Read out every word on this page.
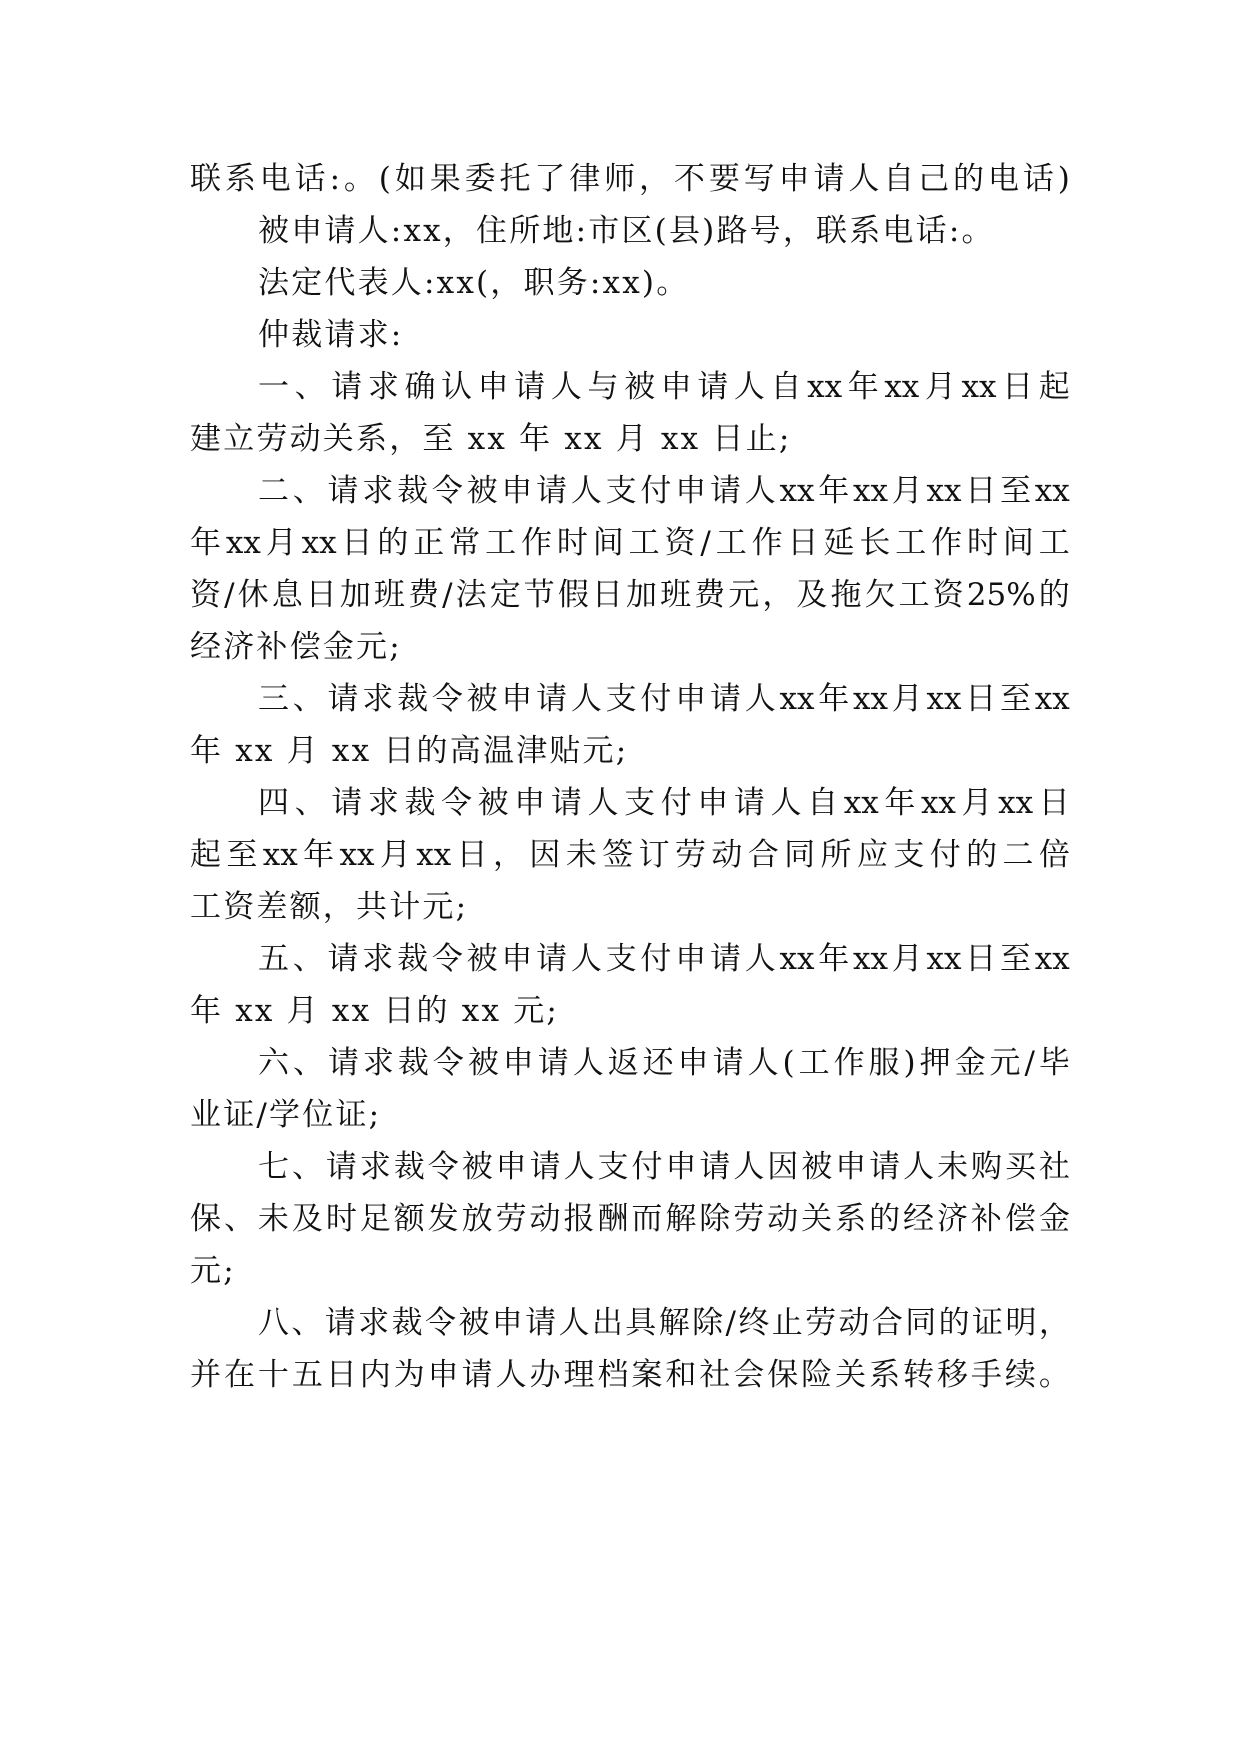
联 系 电 话 : 。 ( 如 果 委 托 了 律 师 ， 不 要 写 申 请 人 自 己 的 电 话 )
被申请人:xx，住所地:市区(县)路号，联系电话:。
法定代表人:xx(，职务:xx)。
仲裁请求:
一 、 请 求 确 认 申 请 人 与 被 申 请 人 自 xx 年 xx 月 xx 日 起
建立劳动关系，至 xx 年 xx 月 xx 日止;
二 、 请 求 裁 令 被 申 请 人 支 付 申 请 人 xx 年 xx 月 xx 日 至 xx
年 xx 月 xx 日 的 正 常 工 作 时 间 工 资 / 工 作 日 延 长 工 作 时 间 工
资 / 休 息 日 加 班 费 / 法 定 节 假 日 加 班 费 元 ， 及 拖 欠 工 资 25% 的
经济补偿金元;
三 、 请 求 裁 令 被 申 请 人 支 付 申 请 人 xx 年 xx 月 xx 日 至 xx
年 xx 月 xx 日的高温津贴元;
四 、 请 求 裁 令 被 申 请 人 支 付 申 请 人 自 xx 年 xx 月 xx 日
起 至 xx 年 xx 月 xx 日 ， 因 未 签 订 劳 动 合 同 所 应 支 付 的 二 倍
工资差额，共计元;
五 、 请 求 裁 令 被 申 请 人 支 付 申 请 人 xx 年 xx 月 xx 日 至 xx
年 xx 月 xx 日的 xx 元;
六 、 请 求 裁 令 被 申 请 人 返 还 申 请 人 ( 工 作 服 ) 押 金 元 / 毕
业证/学位证;
七 、 请 求 裁 令 被 申 请 人 支 付 申 请 人 因 被 申 请 人 未 购 买 社
保 、 未 及 时 足 额 发 放 劳 动 报 酬 而 解 除 劳 动 关 系 的 经 济 补 偿 金
元;
八 、 请 求 裁 令 被 申 请 人 出 具 解 除 / 终 止 劳 动 合 同 的 证 明 ，
并 在 十 五 日 内 为 申 请 人 办 理 档 案 和 社 会 保 险 关 系 转 移 手 续 。
